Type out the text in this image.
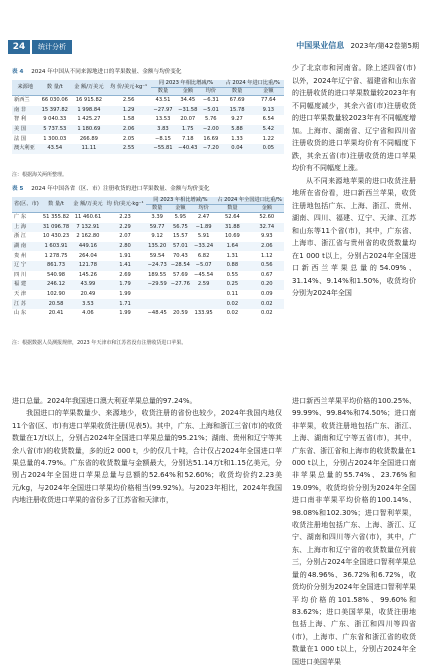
24	统计分析	中国果业信息 2023年/第42卷第5期
表 4 2024 年中国从不同来源地进口的苹果数量、金额与均价变化
来源地	数 量/t	金 额/万美元	均 价/美元·kg⁻¹	同 2023 年相比增减/%			占 2024 年进口比重/%	
				数量	金额	均价	数量	金额
新西兰	66 030.06	16 915.82	2.56	43.51	34.45	−6.31	67.69	77.64
南 非	15 397.82	1 998.84	1.29	−27.97	−31.58	−5.01	15.78	9.13
智 利	9 040.33	1 425.27	1.58	13.53	20.07	5.76	9.27	6.54
美 国	5 737.53	1 180.69	2.06	3.83	1.75	−2.00	5.88	5.42
法 国	1 300.03	266.89	2.05	−8.15	7.18	16.69	1.33	1.22
澳大利亚	43.54	11.11	2.55	−55.81	−40.43	−7.20	0.04	0.05
注：根据海关两所整理。
表 5 2024 年中国各省（区、市）注册收货的进口苹果数量、金额与均价变化
省(区、市)	数 量/t	金 额/万美元	均 价/美元·kg⁻¹	同 2023 年相比增减/%			占 2024 年全国进口比重/%	
				数量	金额	均价	数量	金额
广 东	51 355.82	11 460.61	2.23	3.39	5.95	2.47	52.64	52.60
上 海	31 096.78	7 132.91	2.29	59.77	56.75	−1.89	31.88	32.74
浙 江	10 430.23	2 162.80	2.07	9.12	15.57	5.91	10.69	9.93
湖 南	1 603.91	449.16	2.80	135.20	57.01	−33.24	1.64	2.06
贵 州	1 278.75	264.04	1.91	59.54	70.43	6.82	1.31	1.12
辽 宁	861.73	121.78	1.41	−24.73	−28.54	−5.07	0.88	0.56
四 川	540.98	145.26	2.69	189.55	57.69	−45.54	0.55	0.67
福 建	246.12	43.99	1.79	−29.59	−27.76	2.59	0.25	0.20
天 津	102.90	20.49	1.99				0.11	0.09
江 苏	20.58	3.53	1.71				0.02	0.02
山 东	20.41	4.06	1.99	−48.45	20.59	133.95	0.02	0.02
注：根据数据人员测报规律，2023 年天津市和江苏省没有注册收货进口苹果。

少了北京市和河南省。除上述四省(市)以外，2024年辽宁省、福建省和山东省的注册收货的进口苹果数量较2023年有不同幅度减少，其余六省(市)注册收货的进口苹果数量较2023年有不同幅度增加。上海市、湖南省、辽宁省和四川省注册收货的进口苹果均价有不同幅度下跌，其余五省(市)注册收货的进口苹果均价有不同幅度上涨。

从不同来源地苹果的进口收货注册地所在省份看，进口新西兰苹果，收货注册地包括广东、上海、浙江、贵州、湖南、四川、福建、辽宁、天津、江苏和山东等11个省(市)，其中，广东省、上海市、浙江省与贵州省的收货数量均在1 000 t以上，分别占2024年全国进口新西兰苹果总量的54.09%、31.14%、9.14%和1.50%，收货均价分别为2024年全国

进口总量。2024年我国进口澳大利亚苹果总量的97.24%。

我国进口的苹果数量少、来源地少，收货注册的省份也较少，2024年我国内地仅11个省(区、市)有进口苹果收货注册(见表5)。其中，广东、上海和浙江三省(市)的收货数量在1万t以上，分别占2024年全国进口苹果总量的95.21%；湖南、贵州和辽宁等其余八省(市)的收货数量，多的近2 000 t，少的仅几十吨，合计仅占2024年全国进口苹果总量的4.79%。广东省的收货数量与金额最大，分别达51.14万t和1.15亿美元，分别占2024年全国进口苹果总量与总额的52.64%和52.60%；收货均价约2.23美元/kg，与2024年全国进口苹果均价格相当(99.92%)。与2023年相比，2024年我国内地注册收货进口苹果的省份多了江苏省和天津市，

进口新西兰苹果平均价格的100.25%、99.99%、99.84%和74.50%；进口南非苹果，收货注册地包括广东、浙江、上海、湖南和辽宁等五省(市)，其中，广东省、浙江省和上海市的收货数量在1 000 t以上，分别占2024年全国进口南非苹果总量的55.74%、23.76%和19.09%，收货均价分别为2024年全国进口南非苹果平均价格的100.14%、98.08%和102.30%；进口智利苹果，收货注册地包括广东、上海、浙江、辽宁、湖南和四川等六省(市)，其中，广东、上海市和辽宁省的收货数量位列前三，分别占2024年全国进口智利苹果总量的48.96%、36.72%和6.72%，收货均价分别为2024年全国进口智利苹果平均价格的101.58%、99.60%和83.62%；进口美国苹果，收货注册地包括上海、广东、浙江和四川等四省(市)，上海市、广东省和浙江省的收货数量在1 000 t以上，分别占2024年全国进口美国苹果
